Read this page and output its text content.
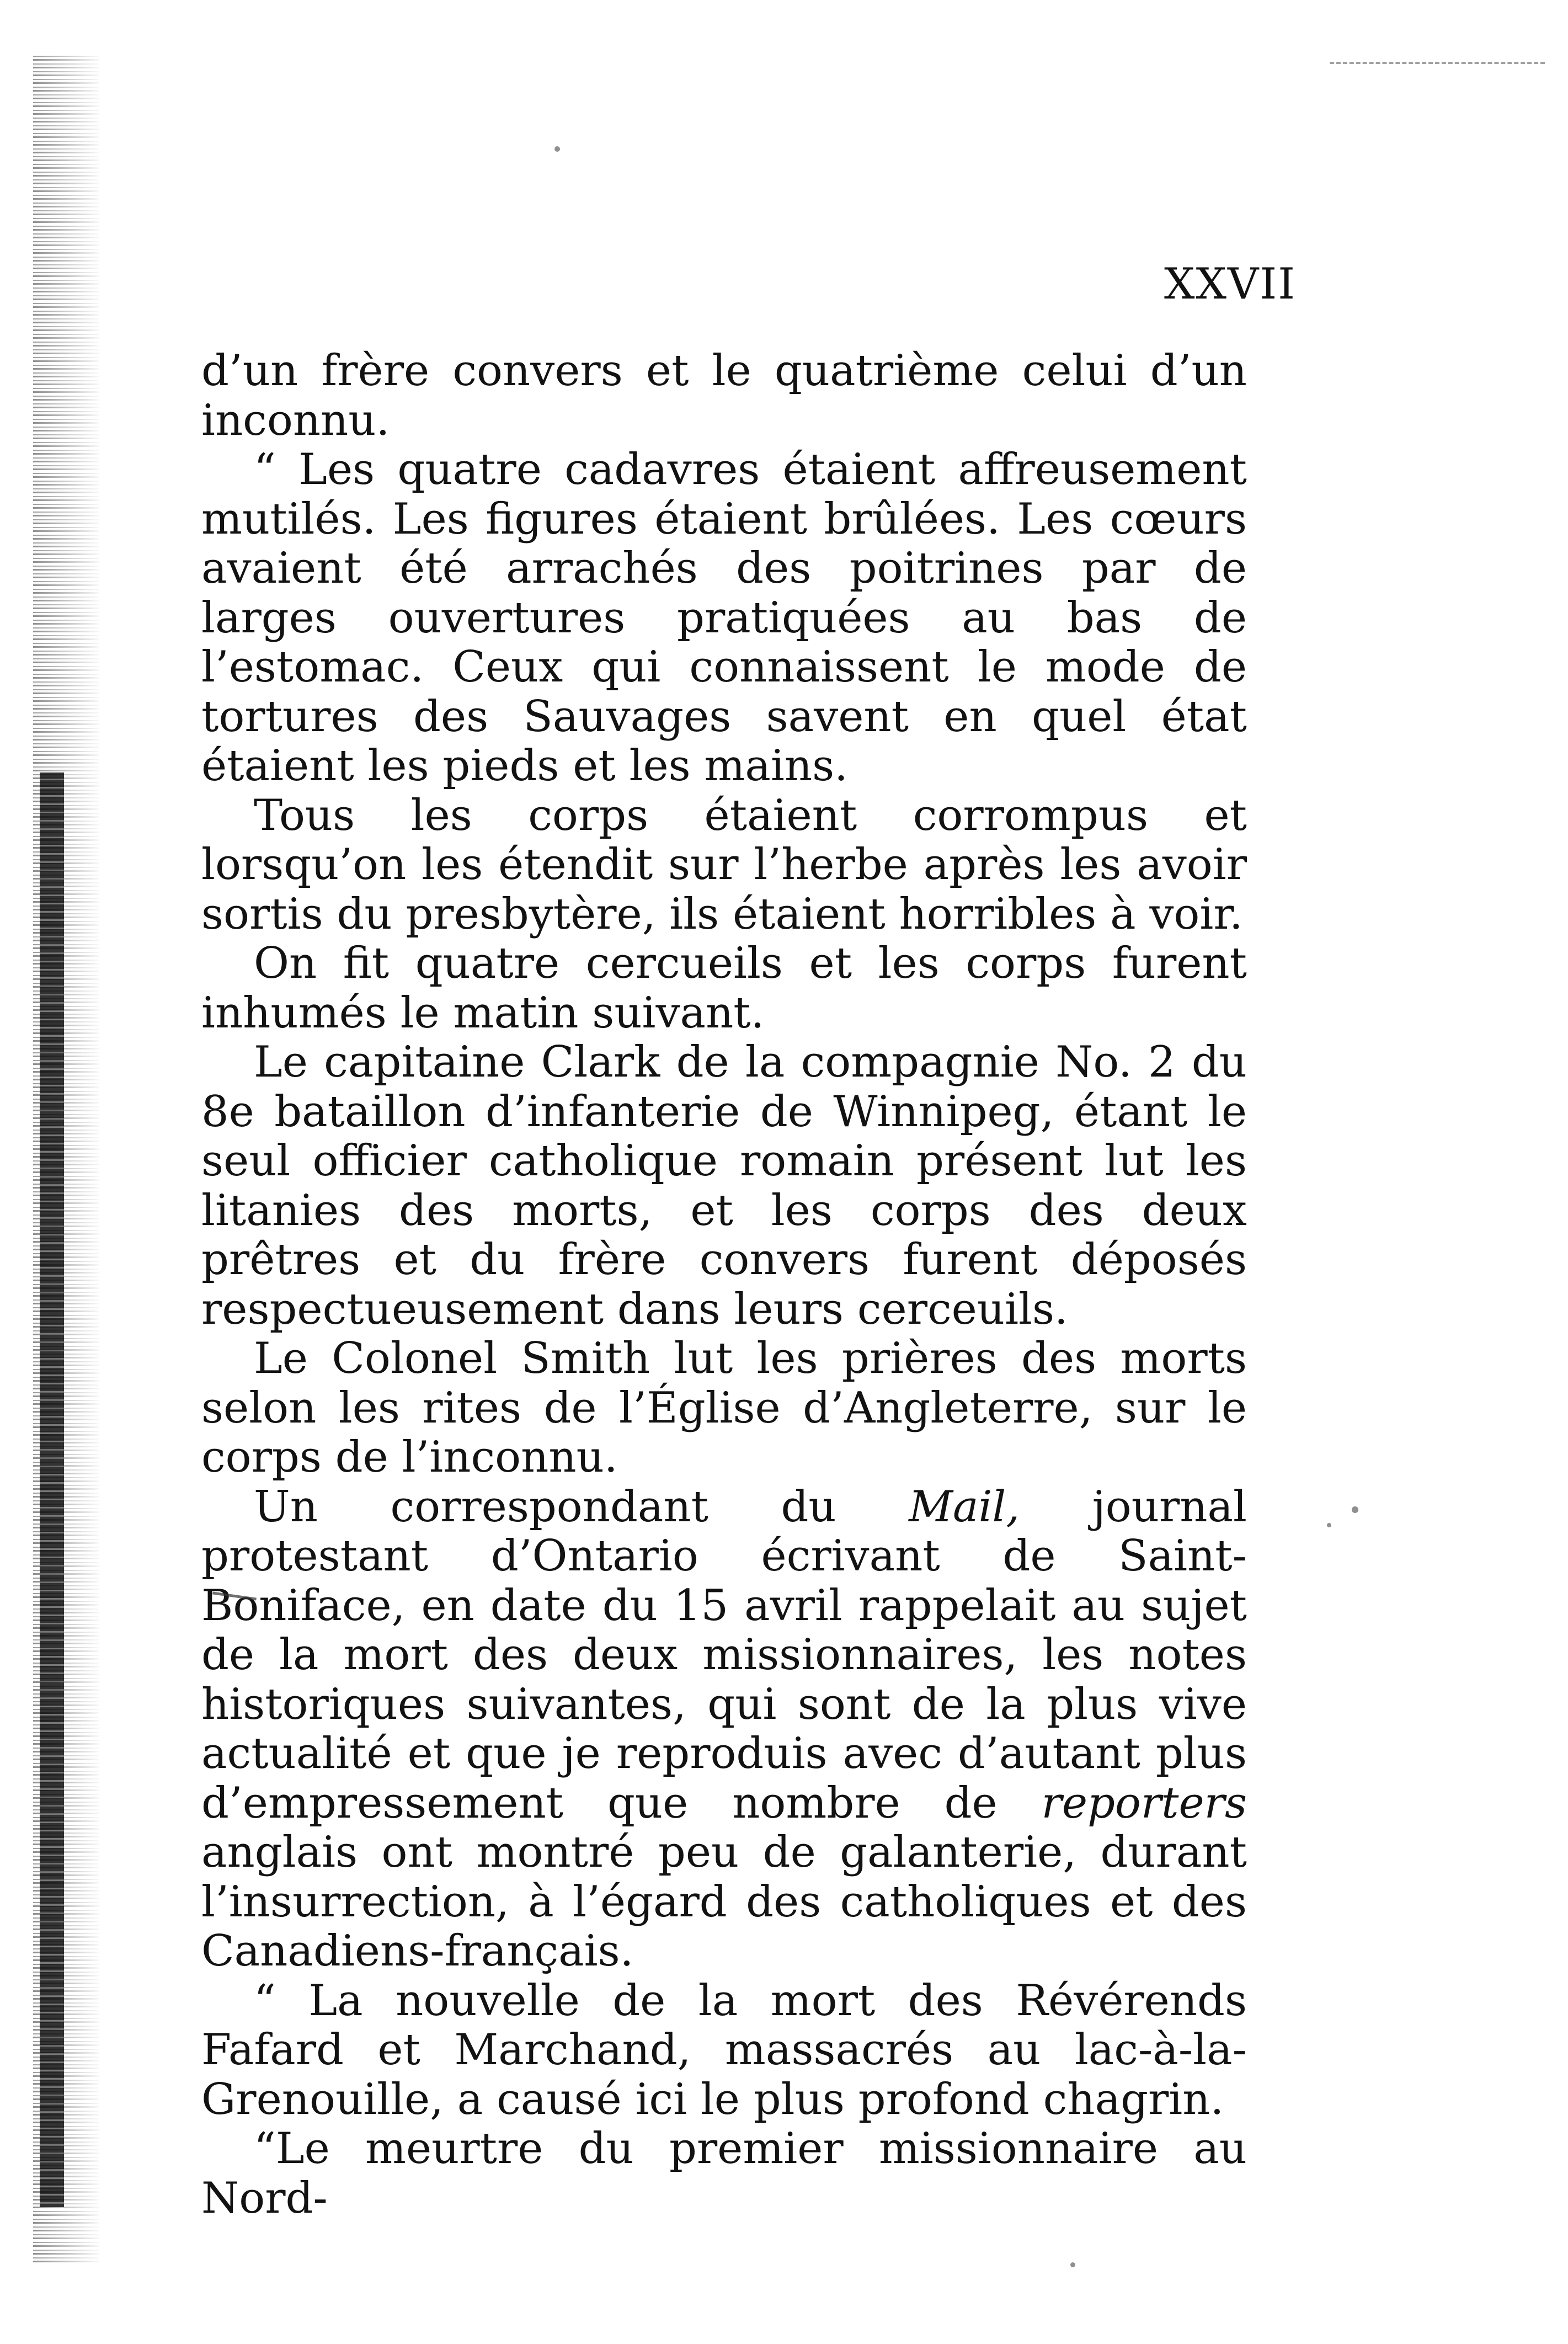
XXVII

d’un frère convers et le quatrième celui d’un inconnu.

“ Les quatre cadavres étaient affreusement mutilés. Les figures étaient brûlées. Les cœurs avaient été arrachés des poitrines par de larges ouvertures pratiquées au bas de l’estomac. Ceux qui connaissent le mode de tortures des Sauvages savent en quel état étaient les pieds et les mains.

Tous les corps étaient corrompus et lorsqu’on les étendit sur l’herbe après les avoir sortis du presbytère, ils étaient horribles à voir.

On fit quatre cercueils et les corps furent inhumés le matin suivant.

Le capitaine Clark de la compagnie No. 2 du 8e bataillon d’infanterie de Winnipeg, étant le seul officier catholique romain présent lut les litanies des morts, et les corps des deux prêtres et du frère convers furent déposés respectueusement dans leurs cerceuils.

Le Colonel Smith lut les prières des morts selon les rites de l’Église d’Angleterre, sur le corps de l’inconnu.

Un correspondant du Mail, journal protestant d’Ontario écrivant de Saint-Boniface, en date du 15 avril rappelait au sujet de la mort des deux missionnaires, les notes historiques suivantes, qui sont de la plus vive actualité et que je reproduis avec d’autant plus d’empressement que nombre de reporters anglais ont montré peu de galanterie, durant l’insurrection, à l’égard des catholiques et des Canadiens-français.

“ La nouvelle de la mort des Révérends Fafard et Marchand, massacrés au lac-à-la-Grenouille, a causé ici le plus profond chagrin.

“Le meurtre du premier missionnaire au Nord-
